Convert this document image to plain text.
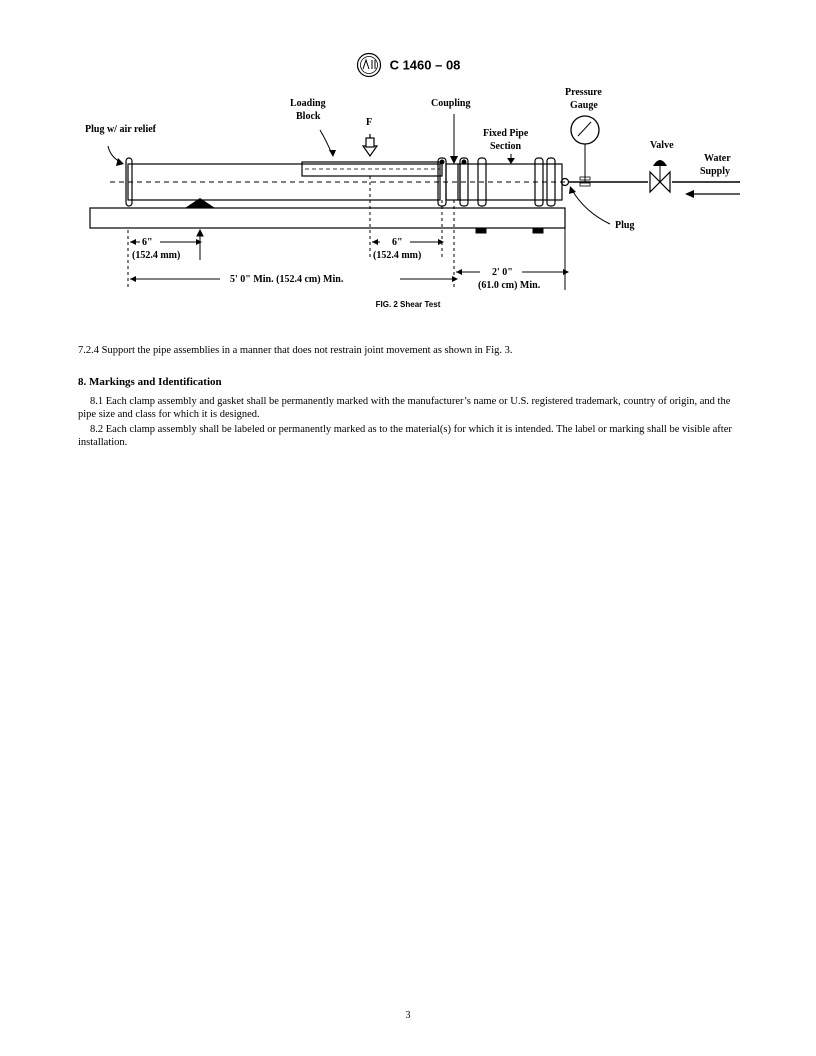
C 1460 – 08
Plug w/ air relief
Loading
Block
F
Coupling
Fixed Pipe
Section
Pressure
Gauge
Valve
Water
Supply
Plug
6"
(152.4 mm)
6"
(152.4 mm)
5' 0" Min. (152.4 cm) Min.
2' 0"
(61.0 cm) Min.
FIG. 2 Shear Test

7.2.4 Support the pipe assemblies in a manner that does not restrain joint movement as shown in Fig. 3.

8. Markings and Identification

8.1 Each clamp assembly and gasket shall be permanently marked with the manufacturer’s name or U.S. registered trademark, country of origin, and the pipe size and class for which it is designed.

8.2 Each clamp assembly shall be labeled or permanently marked as to the material(s) for which it is intended. The label or marking shall be visible after installation.

3
